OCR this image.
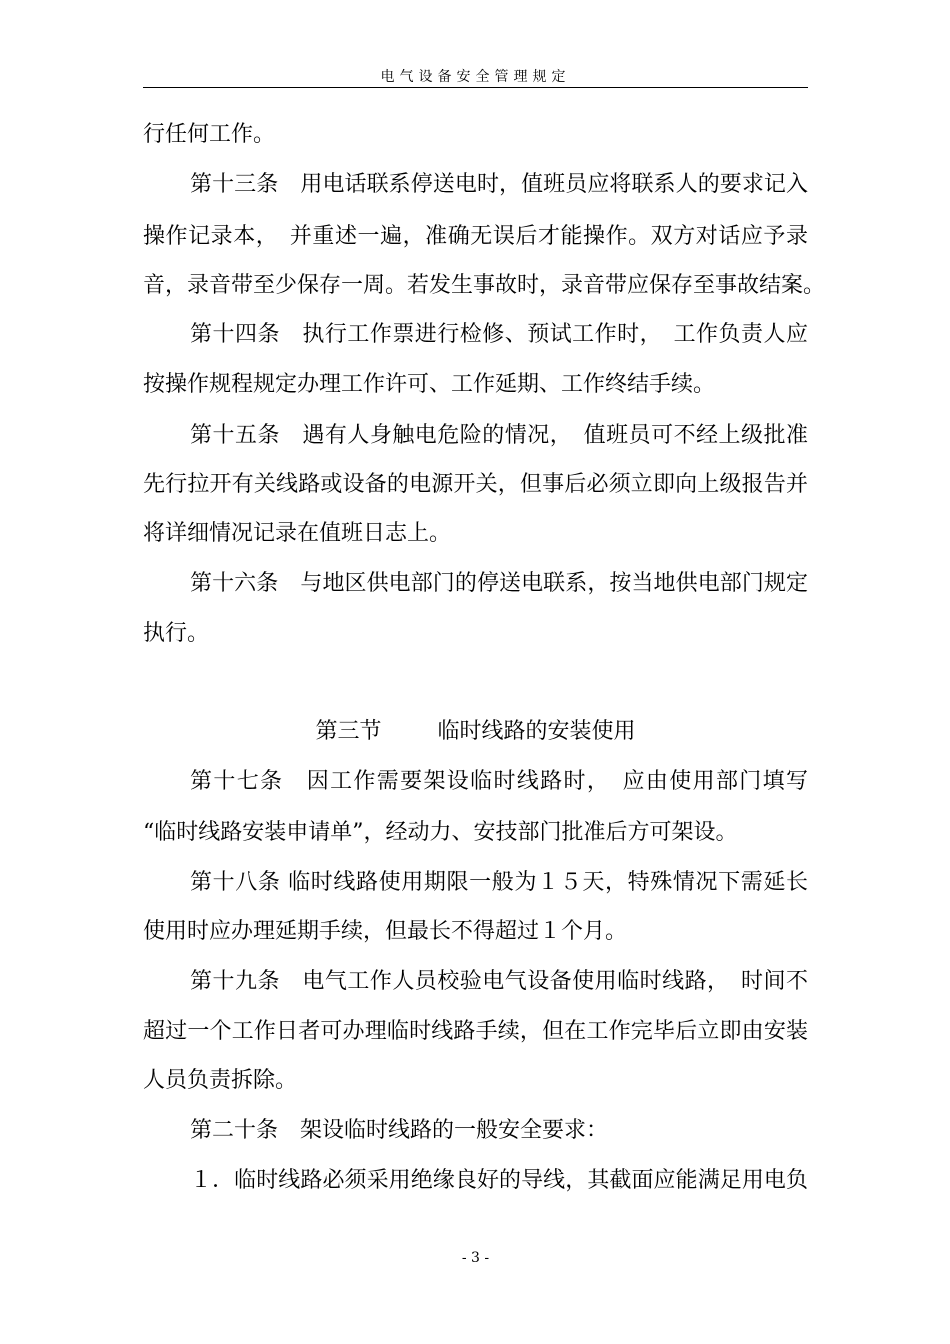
电气设备安全管理规定
行任何工作。
第十三条　用电话联系停送电时，值班员应将联系人的要求记入
操作记录本，　并重述一遍，准确无误后才能操作。双方对话应予录
音，录音带至少保存一周。若发生事故时，录音带应保存至事故结案。
第十四条　执行工作票进行检修、预试工作时，　工作负责人应
按操作规程规定办理工作许可、工作延期、工作终结手续。
第十五条　遇有人身触电危险的情况，　值班员可不经上级批准
先行拉开有关线路或设备的电源开关，但事后必须立即向上级报告并
将详细情况记录在值班日志上。
第十六条　与地区供电部门的停送电联系，按当地供电部门规定
执行。
第三节	临时线路的安装使用
第十七条　因工作需要架设临时线路时，　应由使用部门填写
“临时线路安装申请单”，经动力、安技部门批准后方可架设。
第十八条 临时线路使用期限一般为１５天，特殊情况下需延长
使用时应办理延期手续，但最长不得超过１个月。
第十九条　电气工作人员校验电气设备使用临时线路，　时间不
超过一个工作日者可办理临时线路手续，但在工作完毕后立即由安装
人员负责拆除。
第二十条　架设临时线路的一般安全要求：
１．临时线路必须采用绝缘良好的导线，其截面应能满足用电负
- 3 -
